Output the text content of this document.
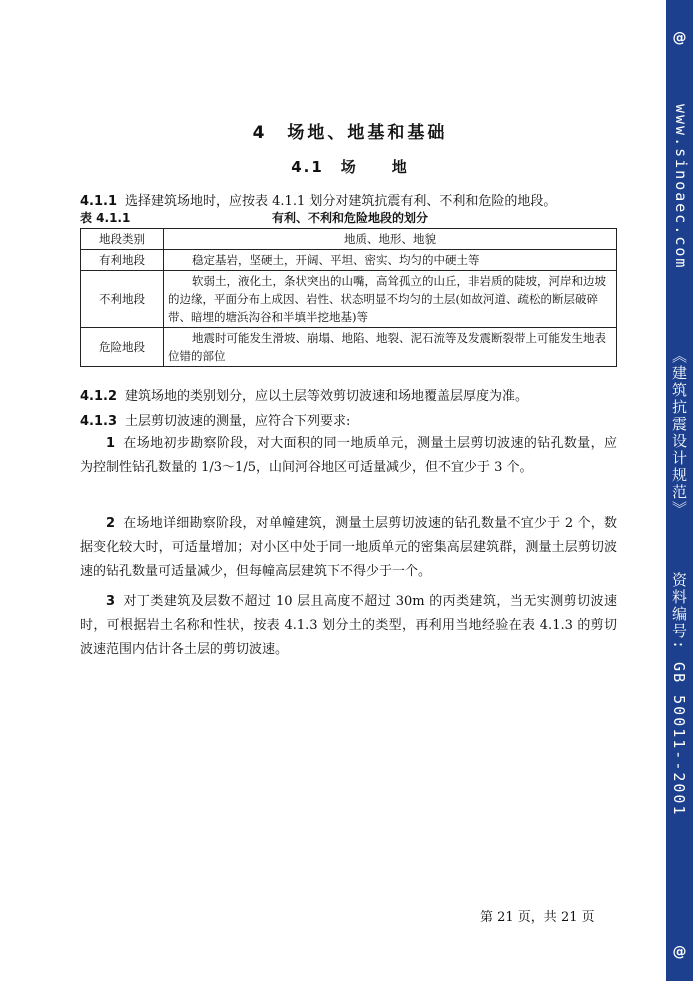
@
www.sinoaec.com
《建筑抗震设计规范》
资料编号: GB 50011--2001
@
4　场地、地基和基础
4.1　场　　地
4.1.1 选择建筑场地时，应按表 4.1.1 划分对建筑抗震有利、不利和危险的地段。
表 4.1.1	有利、不利和危险地段的划分
地段类别	地质、地形、地貌
有利地段	稳定基岩，坚硬土，开阔、平坦、密实、均匀的中硬土等
不利地段	软弱土，液化土，条状突出的山嘴，高耸孤立的山丘，非岩质的陡坡，河岸和边坡的边缘，平面分布上成因、岩性、状态明显不均匀的土层(如故河道、疏松的断层破碎带、暗埋的塘浜沟谷和半填半挖地基)等
危险地段	地震时可能发生滑坡、崩塌、地陷、地裂、泥石流等及发震断裂带上可能发生地表位错的部位
4.1.2 建筑场地的类别划分，应以土层等效剪切波速和场地覆盖层厚度为准。
4.1.3 土层剪切波速的测量，应符合下列要求:
1 在场地初步勘察阶段，对大面积的同一地质单元，测量土层剪切波速的钻孔数量，应为控制性钻孔数量的 1/3～1/5，山间河谷地区可适量减少，但不宜少于 3 个。
2 在场地详细勘察阶段，对单幢建筑，测量土层剪切波速的钻孔数量不宜少于 2 个，数据变化较大时，可适量增加；对小区中处于同一地质单元的密集高层建筑群，测量土层剪切波速的钻孔数量可适量减少，但每幢高层建筑下不得少于一个。
3 对丁类建筑及层数不超过 10 层且高度不超过 30m 的丙类建筑，当无实测剪切波速时，可根据岩土名称和性状，按表 4.1.3 划分土的类型，再利用当地经验在表 4.1.3 的剪切波速范围内估计各土层的剪切波速。
第 21 页，共 21 页
